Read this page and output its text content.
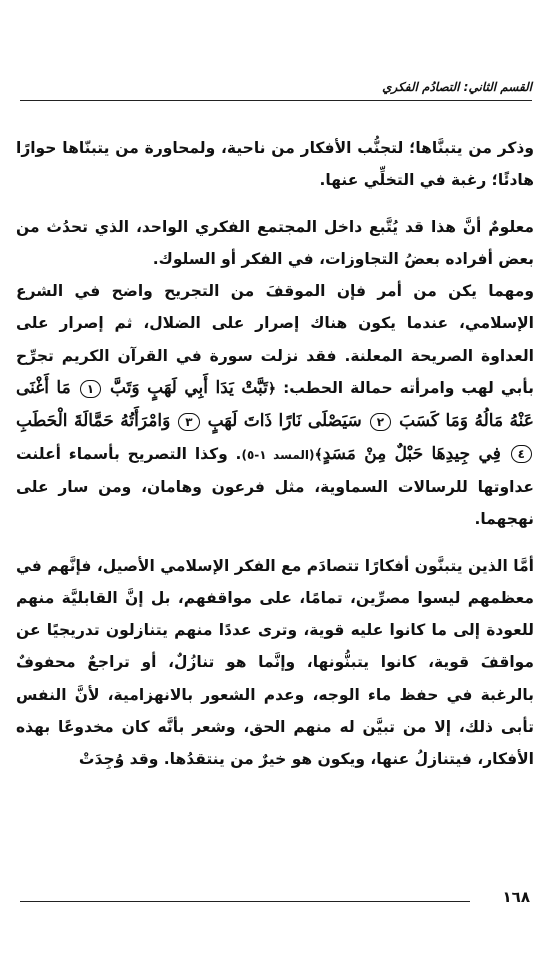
القسم الثاني: التصادُم الفكري

وذكر من يتبنَّاها؛ لتجنُّب الأفكار من ناحية، ولمحاورة من يتبنّاها حوارًا هادئًا؛ رغبة في التخلِّي عنها.

معلومٌ أنَّ هذا قد يُتَّبع داخل المجتمع الفكري الواحد، الذي تحدُث من بعض أفراده بعضُ التجاوزات، في الفكر أو السلوك.

ومهما يكن من أمر فإن الموقفَ من التجريح واضح في الشرع الإسلامي، عندما يكون هناك إصرار على الضلال، ثم إصرار على العداوة الصريحة المعلنة. فقد نزلت سورة في القرآن الكريم تجرِّح بأبي لهب وامرأته حمالة الحطب: ﴿تَبَّتْ يَدَا أَبِي لَهَبٍ وَتَبَّ ١ مَا أَغْنَى عَنْهُ مَالُهُ وَمَا كَسَبَ ٢ سَيَصْلَى نَارًا ذَاتَ لَهَبٍ ٣ وَامْرَأَتُهُ حَمَّالَةَ الْحَطَبِ ٤ فِي جِيدِهَا حَبْلٌ مِنْ مَسَدٍ﴾(المسد ١-٥). وكذا التصريح بأسماء أعلنت عداوتها للرسالات السماوية، مثل فرعون وهامان، ومن سار على نهجهما.

أمَّا الذين يتبنَّون أفكارًا تتصادَم مع الفكر الإسلامي الأصيل، فإنَّهم في معظمهم ليسوا مصرِّين، تمامًا، على مواقفهم، بل إنَّ القابليَّة منهم للعودة إلى ما كانوا عليه قوية، وترى عددًا منهم يتنازلون تدريجيًا عن مواقفَ قوية، كانوا يتبنُّونها، وإنَّما هو تنازُلٌ، أو تراجعٌ محفوفٌ بالرغبة في حفظ ماء الوجه، وعدم الشعور بالانهزامية، لأنَّ النفس تأبى ذلك، إلا من تبيَّن له منهم الحق، وشعر بأنَّه كان مخدوعًا بهذه الأفكار، فيتنازلُ عنها، ويكون هو خيرٌ من ينتقدُها. وقد وُجِدَتْ

١٦٨
